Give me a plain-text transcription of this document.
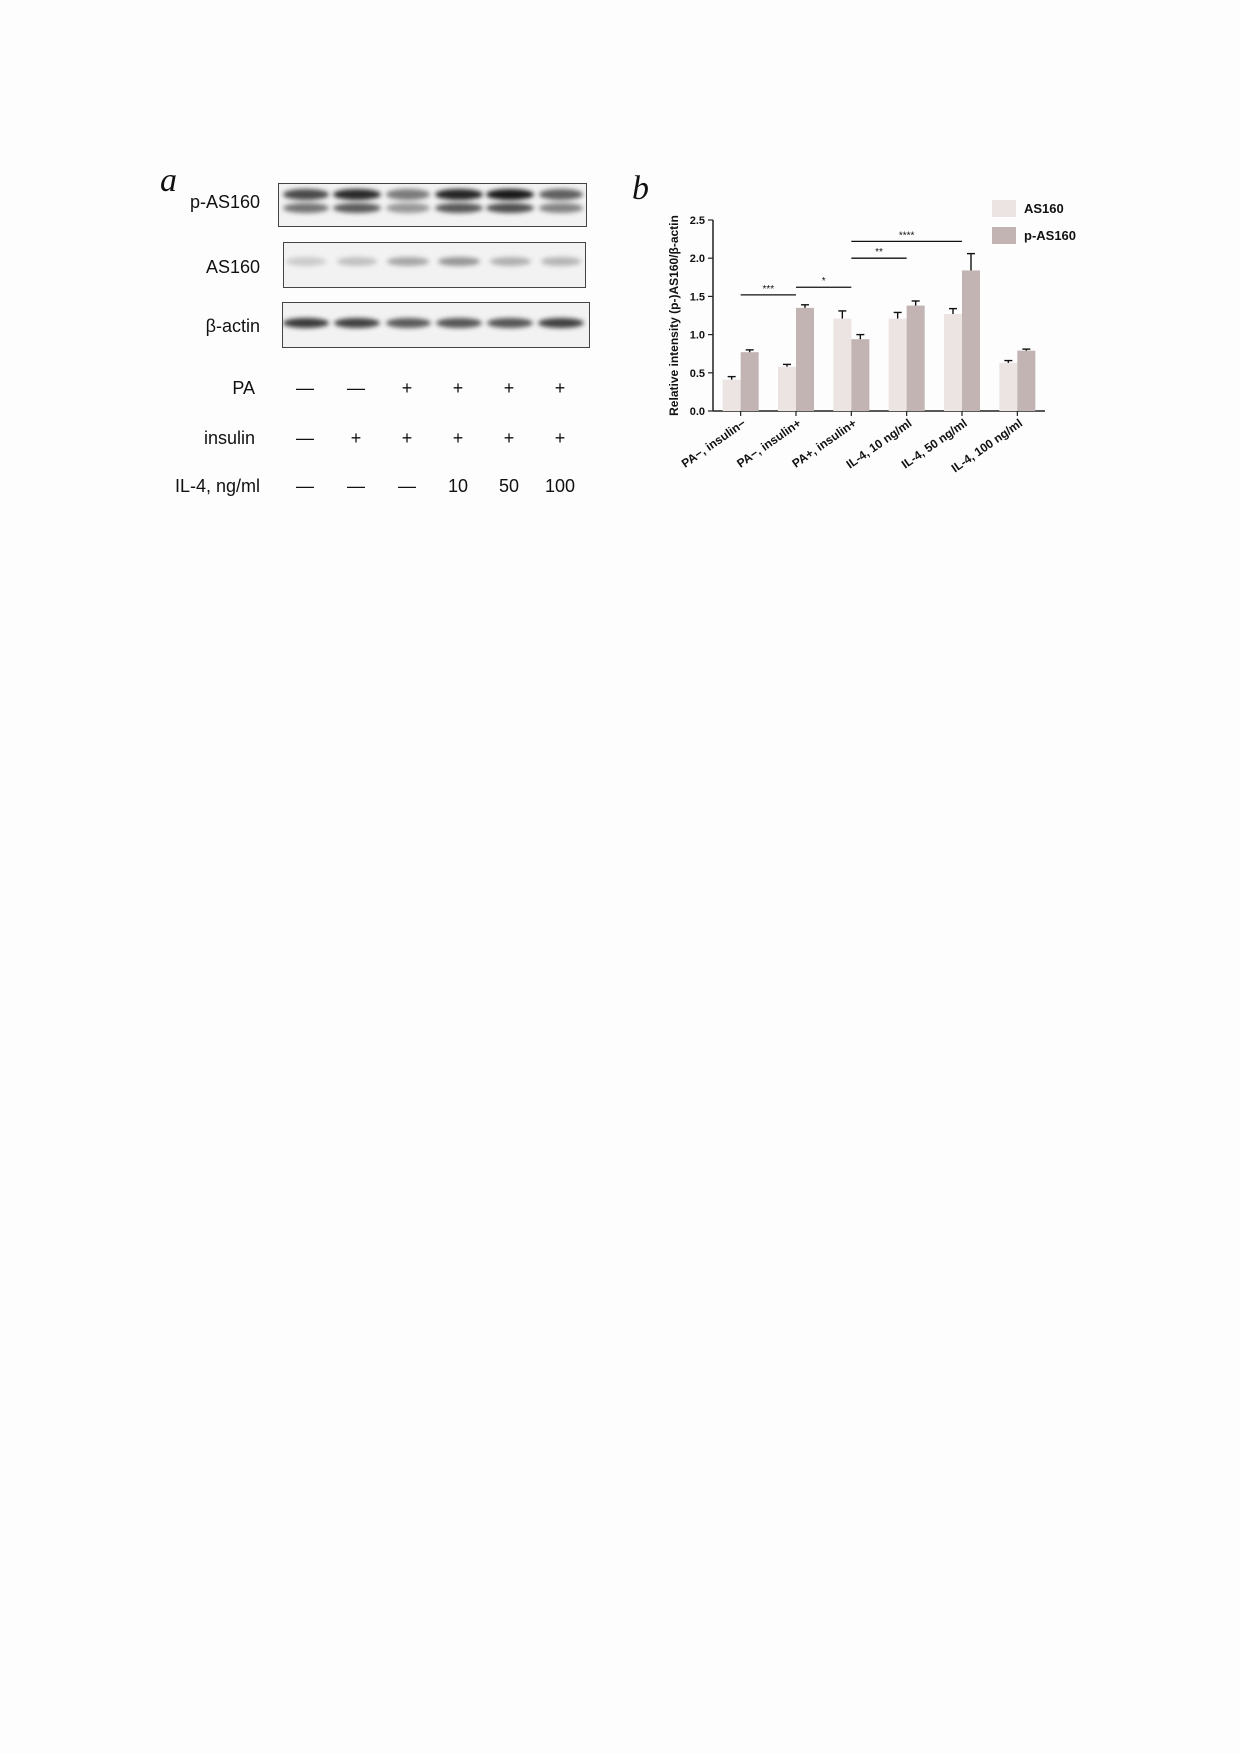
a
p-AS160
AS160
β-actin
PA	—	—	+	+	+	+
insulin	—	+	+	+	+	+
IL-4, ng/ml	—	—	—	10	50	100
b
0.0
0.5
1.0
1.5
2.0
2.5
Relative intensity (p-)AS160/β-actin
PA−, insulin−
PA−, insulin+
PA+, insulin+
IL-4, 10 ng/ml
IL-4, 50 ng/ml
IL-4, 100 ng/ml
***
*
**
****
AS160
p-AS160
